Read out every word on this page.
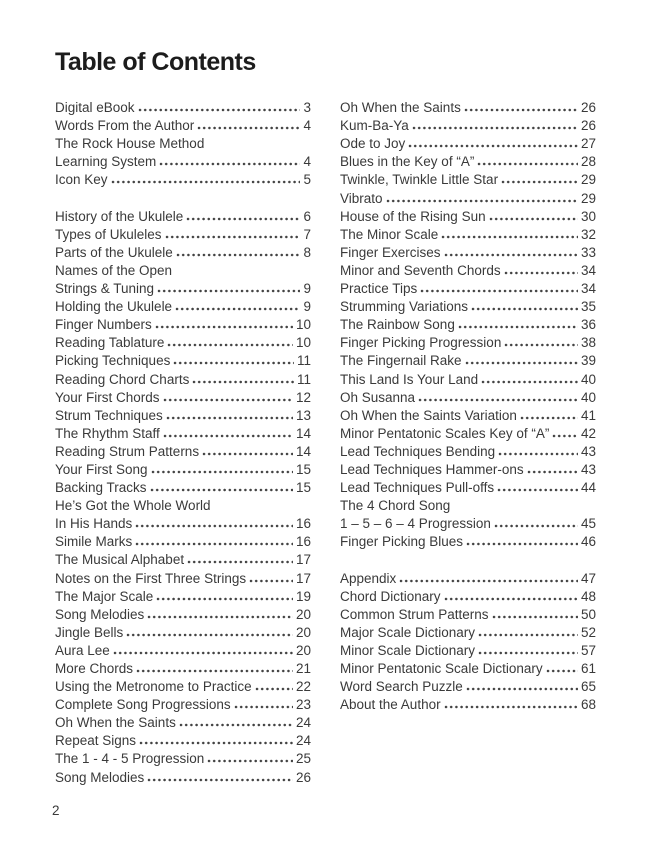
Table of Contents
Digital eBook	3
Words From the Author	4
The Rock House Method
Learning System	4
Icon Key	5
History of the Ukulele	6
Types of Ukuleles	7
Parts of the Ukulele	8
Names of the Open
Strings & Tuning	9
Holding the Ukulele	9
Finger Numbers	10
Reading Tablature	10
Picking Techniques	11
Reading Chord Charts	11
Your First Chords	12
Strum Techniques	13
The Rhythm Staff	14
Reading Strum Patterns	14
Your First Song	15
Backing Tracks	15
He’s Got the Whole World
In His Hands	16
Simile Marks	16
The Musical Alphabet	17
Notes on the First Three Strings	17
The Major Scale	19
Song Melodies	20
Jingle Bells	20
Aura Lee	20
More Chords	21
Using the Metronome to Practice	22
Complete Song Progressions	23
Oh When the Saints	24
Repeat Signs	24
The 1 - 4 - 5 Progression	25
Song Melodies	26
Oh When the Saints	26
Kum-Ba-Ya	26
Ode to Joy	27
Blues in the Key of “A”	28
Twinkle, Twinkle Little Star	29
Vibrato	29
House of the Rising Sun	30
The Minor Scale	32
Finger Exercises	33
Minor and Seventh Chords	34
Practice Tips	34
Strumming Variations	35
The Rainbow Song	36
Finger Picking Progression	38
The Fingernail Rake	39
This Land Is Your Land	40
Oh Susanna	40
Oh When the Saints Variation	41
Minor Pentatonic Scales Key of “A” 42
Lead Techniques Bending	43
Lead Techniques Hammer-ons	43
Lead Techniques Pull-offs	44
The 4 Chord Song
1 – 5 – 6 – 4 Progression	45
Finger Picking Blues	46
Appendix	47
Chord Dictionary	48
Common Strum Patterns	50
Major Scale Dictionary	52
Minor Scale Dictionary	57
Minor Pentatonic Scale Dictionary	61
Word Search Puzzle	65
About the Author	68
2
